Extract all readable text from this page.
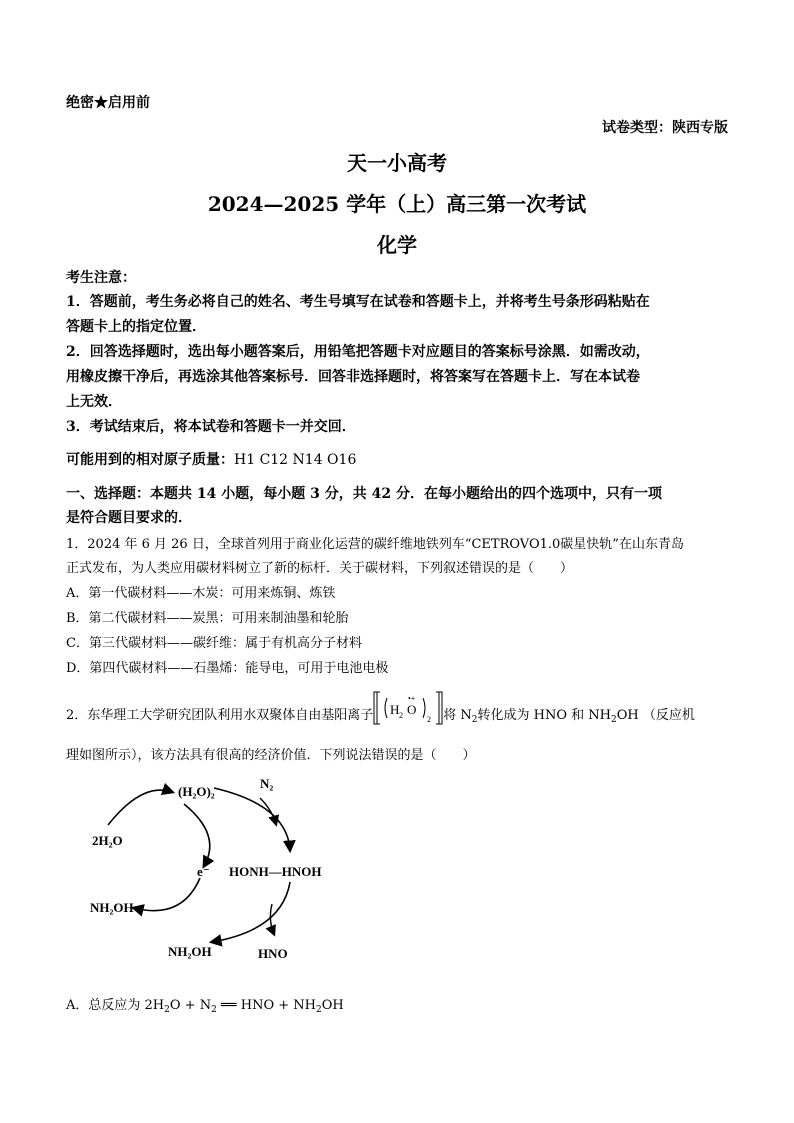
绝密★启用前
试卷类型：陕西专版
天一小高考
2024—2025 学年（上）高三第一次考试
化学
考生注意：
1．答题前，考生务必将自己的姓名、考生号填写在试卷和答题卡上，并将考生号条形码粘贴在
答题卡上的指定位置．
2．回答选择题时，选出每小题答案后，用铅笔把答题卡对应题目的答案标号涂黑．如需改动，
用橡皮擦干净后，再选涂其他答案标号．回答非选择题时，将答案写在答题卡上．写在本试卷
上无效．
3．考试结束后，将本试卷和答题卡一并交回．
可能用到的相对原子质量：H1 C12 N14 O16
一、选择题：本题共 14 小题，每小题 3 分，共 42 分．在每小题给出的四个选项中，只有一项
是符合题目要求的．
1．2024 年 6 月 26 日，全球首列用于商业化运营的碳纤维地铁列车“CETROVO1.0碳星快轨”在山东青岛
正式发布，为人类应用碳材料树立了新的标杆．关于碳材料，下列叙述错误的是（　　）
A．第一代碳材料——木炭：可用来炼铜、炼铁
B．第二代碳材料——炭黑：可用来制油墨和轮胎
C．第三代碳材料——碳纤维：属于有机高分子材料
D．第四代碳材料——石墨烯：能导电，可用于电池电极
2．东华理工大学研究团队利用水双聚体自由基阳离子 H 2 O
•+
2 将 $N_2$转化成为 HNO 和 $NH_2OH$ （反应机
理如图所示），该方法具有很高的经济价值．下列说法错误的是（　　）
(H₂O)₂
2H₂O
e⁻
N₂
HONH—HNOH
NH₂OH
NH₂OH	HNO
A．总反应为 $2H_2O + N_2$ ══ HNO + $NH_2OH$
